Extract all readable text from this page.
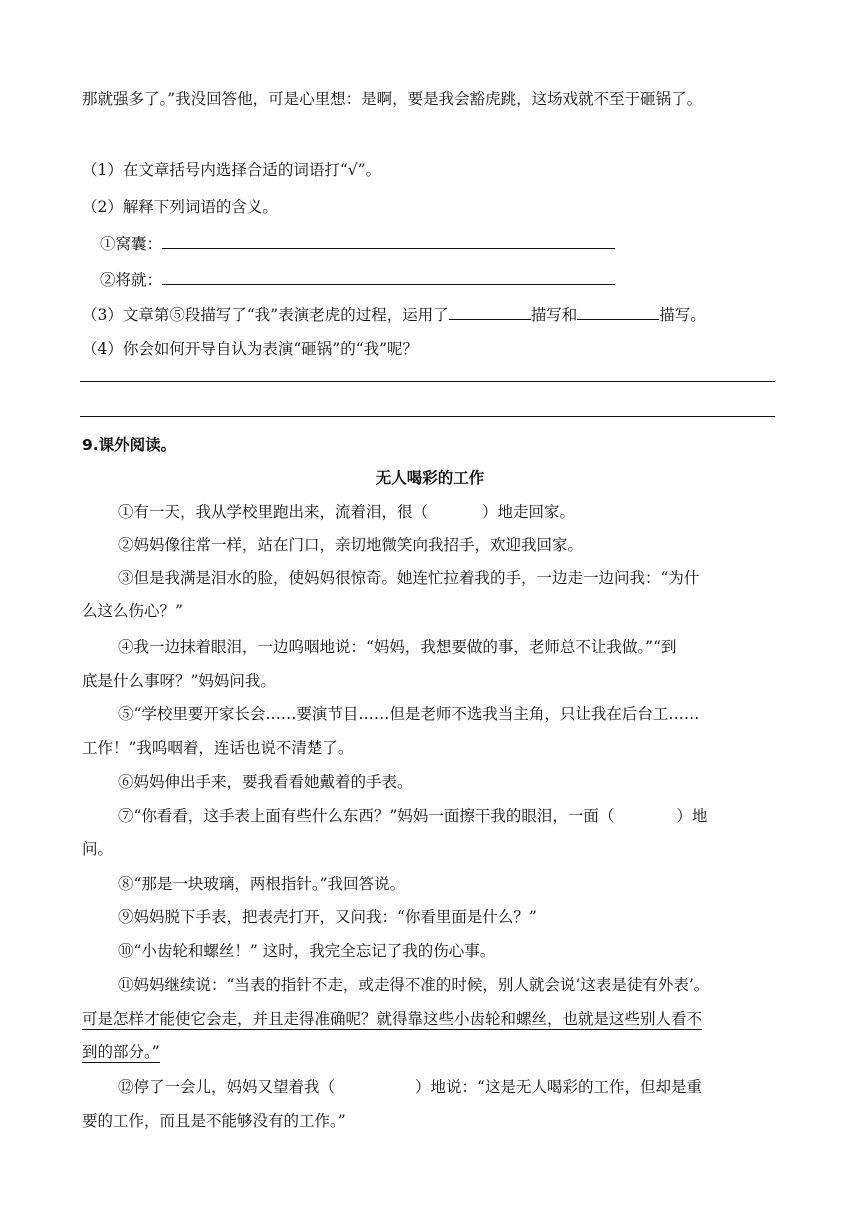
那就强多了。”我没回答他，可是心里想：是啊，要是我会豁虎跳，这场戏就不至于砸锅了。
（1）在文章括号内选择合适的词语打“√”。
（2）解释下列词语的含义。
①窝囊：
②将就：
（3）文章第⑤段描写了“我”表演老虎的过程，运用了	描写和	描写。
（4）你会如何开导自认为表演“砸锅”的“我”呢？
9.课外阅读。
无人喝彩的工作
①有一天，我从学校里跑出来，流着泪，很（	）地走回家。
②妈妈像往常一样，站在门口，亲切地微笑向我招手，欢迎我回家。
③但是我满是泪水的脸，使妈妈很惊奇。她连忙拉着我的手，一边走一边问我：“为什
么这么伤心？”
④我一边抹着眼泪，一边呜咽地说：“妈妈，我想要做的事，老师总不让我做。”“到
底是什么事呀？”妈妈问我。
⑤“学校里要开家长会……要演节目……但是老师不选我当主角，只让我在后台工……
工作！”我呜咽着，连话也说不清楚了。
⑥妈妈伸出手来，要我看看她戴着的手表。
⑦“你看看，这手表上面有些什么东西？”妈妈一面擦干我的眼泪，一面（	）地
问。
⑧“那是一块玻璃，两根指针。”我回答说。
⑨妈妈脱下手表，把表壳打开，又问我：“你看里面是什么？”
⑩“小齿轮和螺丝！” 这时，我完全忘记了我的伤心事。
⑪妈妈继续说：“当表的指针不走，或走得不准的时候，别人就会说‘这表是徒有外表’。
可是怎样才能使它会走，并且走得准确呢？就得靠这些小齿轮和螺丝，也就是这些别人看不
到的部分。”
⑫停了一会儿，妈妈又望着我（	）地说：“这是无人喝彩的工作，但却是重
要的工作，而且是不能够没有的工作。”
